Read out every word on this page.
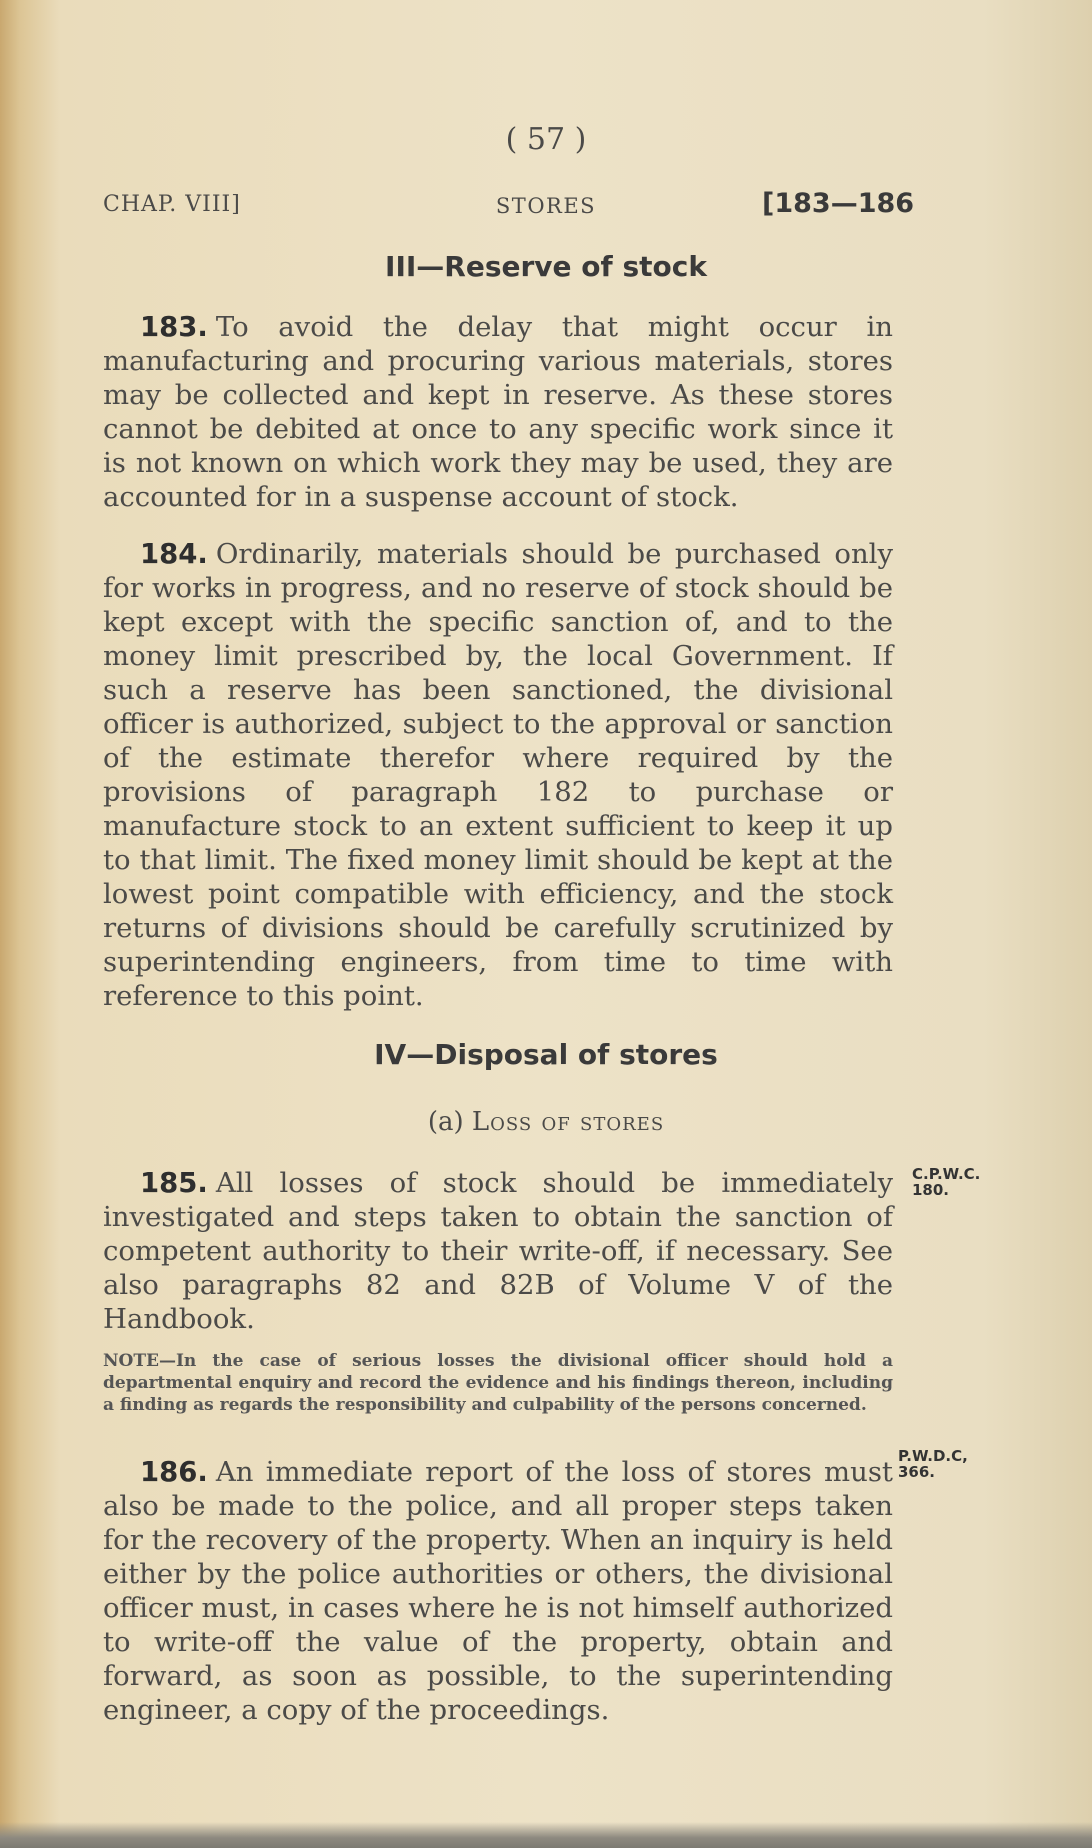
( 57 )
CHAP. VIII]	STORES	[183—186
III—Reserve of stock
183. To avoid the delay that might occur in manufacturing and procuring various materials, stores may be collected and kept in reserve. As these stores cannot be debited at once to any specific work since it is not known on which work they may be used, they are accounted for in a suspense account of stock.
184. Ordinarily, materials should be purchased only for works in progress, and no reserve of stock should be kept except with the specific sanction of, and to the money limit prescribed by, the local Government. If such a reserve has been sanctioned, the divisional officer is authorized, subject to the approval or sanction of the estimate therefor where required by the provisions of paragraph 182 to purchase or manufacture stock to an extent sufficient to keep it up to that limit. The fixed money limit should be kept at the lowest point compatible with efficiency, and the stock returns of divisions should be carefully scrutinized by superintending engineers, from time to time with reference to this point.
IV—Disposal of stores
(a) Loss of stores
185. All losses of stock should be immediately investigated and steps taken to obtain the sanction of competent authority to their write-off, if necessary. See also paragraphs 82 and 82B of Volume V of the Handbook.
C.P.W.C.
180.
NOTE—In the case of serious losses the divisional officer should hold a departmental enquiry and record the evidence and his findings thereon, including a finding as regards the responsibility and culpability of the persons concerned.
186. An immediate report of the loss of stores must also be made to the police, and all proper steps taken for the recovery of the property. When an inquiry is held either by the police authorities or others, the divisional officer must, in cases where he is not himself authorized to write-off the value of the property, obtain and forward, as soon as possible, to the superintending engineer, a copy of the proceedings.
P.W.D.C,
366.
